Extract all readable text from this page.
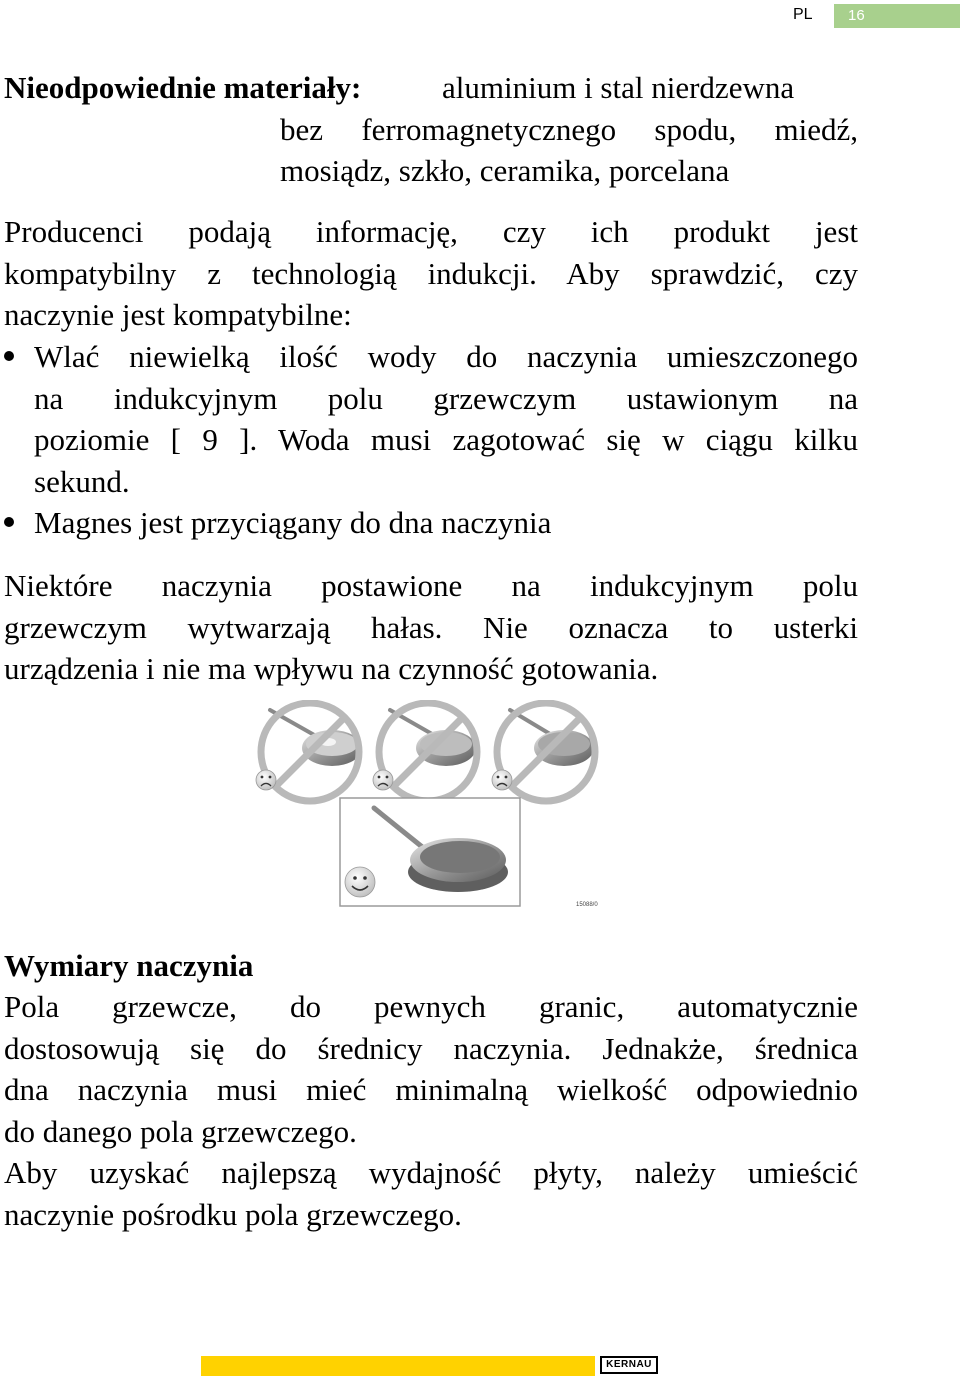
PL	16
Nieodpowiednie materiały:	aluminium i stal nierdzewna
bez ferromagnetycznego spodu, miedź,
mosiądz, szkło, ceramika, porcelana
Producenci podają informację, czy ich produkt jest
kompatybilny z technologią indukcji. Aby sprawdzić, czy
naczynie jest kompatybilne:
Wlać niewielką ilość wody do naczynia umieszczonego
na indukcyjnym polu grzewczym ustawionym na
poziomie [ 9 ]. Woda musi zagotować się w ciągu kilku
sekund.
Magnes jest przyciągany do dna naczynia
Niektóre naczynia postawione na indukcyjnym polu
grzewczym wytwarzają hałas. Nie oznacza to usterki
urządzenia i nie ma wpływu na czynność gotowania.
15088/0
Wymiary naczynia
Pola grzewcze, do pewnych granic, automatycznie
dostosowują się do średnicy naczynia. Jednakże, średnica
dna naczynia musi mieć minimalną wielkość odpowiednio
do danego pola grzewczego.
Aby uzyskać najlepszą wydajność płyty, należy umieścić
naczynie pośrodku pola grzewczego.
KERNAU
